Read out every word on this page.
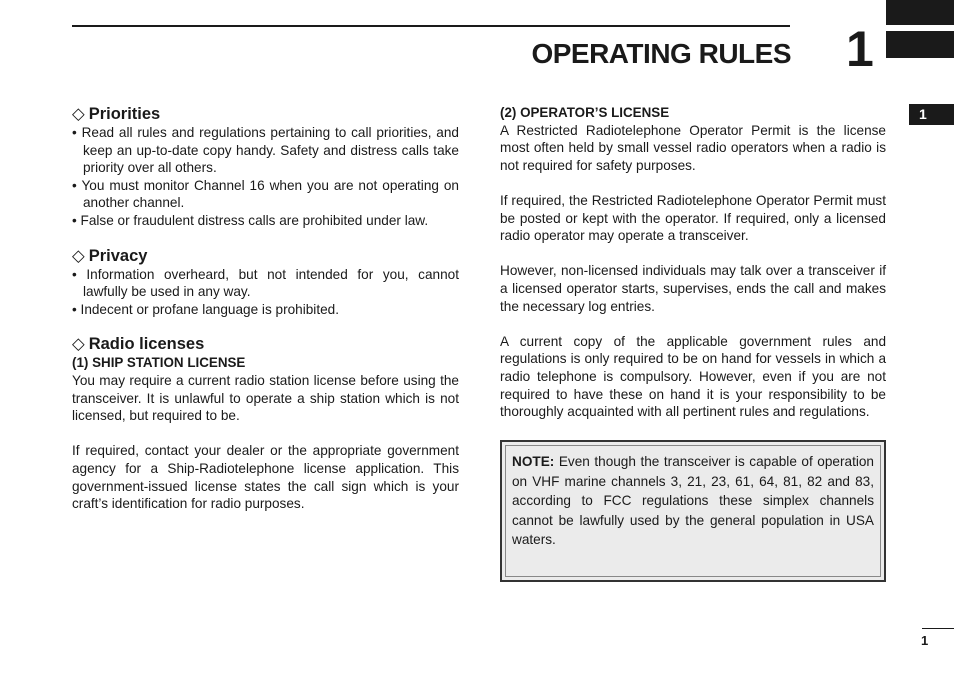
OPERATING RULES 1
1
◇ Priorities
• Read all rules and regulations pertaining to call priorities, and keep an up-to-date copy handy. Safety and distress calls take priority over all others.
• You must monitor Channel 16 when you are not operating on another channel.
• False or fraudulent distress calls are prohibited under law.
◇ Privacy
• Information overheard, but not intended for you, cannot lawfully be used in any way.
• Indecent or profane language is prohibited.
◇ Radio licenses
(1) SHIP STATION LICENSE

You may require a current radio station license before using the transceiver. It is unlawful to operate a ship station which is not licensed, but required to be.

If required, contact your dealer or the appropriate government agency for a Ship-Radiotelephone license application. This government-issued license states the call sign which is your craft’s identification for radio purposes.

(2) OPERATOR’S LICENSE

A Restricted Radiotelephone Operator Permit is the license most often held by small vessel radio operators when a radio is not required for safety purposes.

If required, the Restricted Radiotelephone Operator Permit must be posted or kept with the operator. If required, only a licensed radio operator may operate a transceiver.

However, non-licensed individuals may talk over a transceiver if a licensed operator starts, supervises, ends the call and makes the necessary log entries.

A current copy of the applicable government rules and regulations is only required to be on hand for vessels in which a radio telephone is compulsory. However, even if you are not required to have these on hand it is your responsibility to be thoroughly acquainted with all pertinent rules and regulations.

NOTE: Even though the transceiver is capable of operation on VHF marine channels 3, 21, 23, 61, 64, 81, 82 and 83, according to FCC regulations these simplex channels cannot be lawfully used by the general population in USA waters.
1
